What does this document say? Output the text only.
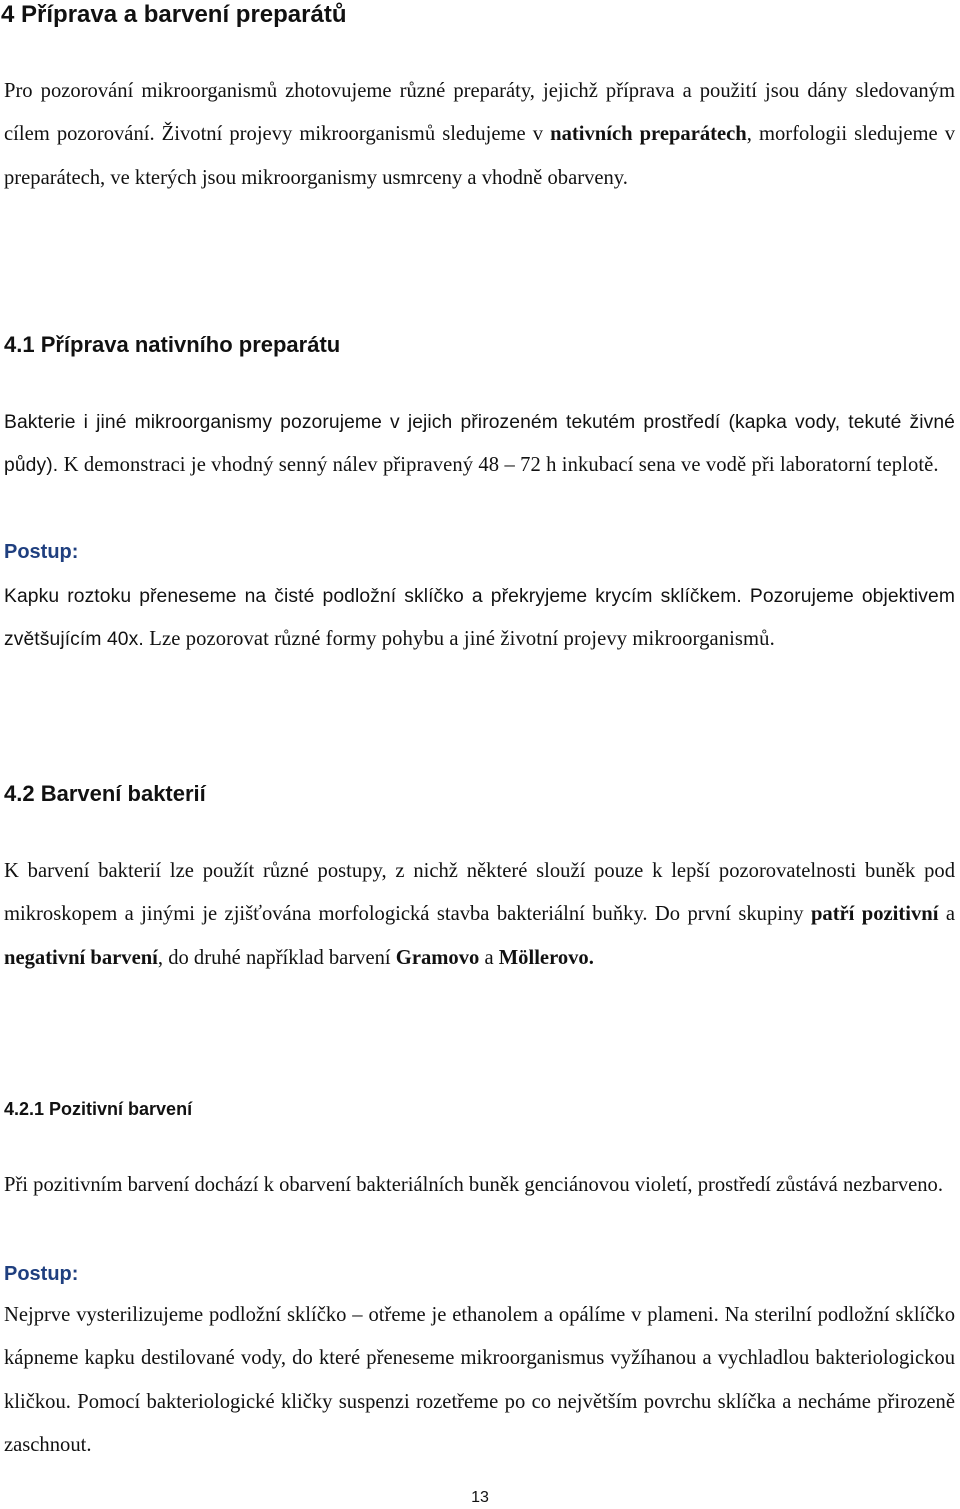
4 Příprava a barvení preparátů

Pro pozorování mikroorganismů zhotovujeme různé preparáty, jejichž příprava a použití jsou dány sledovaným cílem pozorování. Životní projevy mikroorganismů sledujeme v nativních preparátech, morfologii sledujeme v preparátech, ve kterých jsou mikroorganismy usmrceny a vhodně obarveny.

4.1 Příprava nativního preparátu

Bakterie i jiné mikroorganismy pozorujeme v jejich přirozeném tekutém prostředí (kapka vody, tekuté živné půdy). K demonstraci je vhodný senný nálev připravený 48 – 72 h inkubací sena ve vodě při laboratorní teplotě.

Postup:

Kapku roztoku přeneseme na čisté podložní sklíčko a překryjeme krycím sklíčkem. Pozorujeme objektivem zvětšujícím 40x. Lze pozorovat různé formy pohybu a jiné životní projevy mikroorganismů.

4.2 Barvení bakterií

K barvení bakterií lze použít různé postupy, z nichž některé slouží pouze k lepší pozorovatelnosti buněk pod mikroskopem a jinými je zjišťována morfologická stavba bakteriální buňky. Do první skupiny patří pozitivní a negativní barvení, do druhé například barvení Gramovo a Möllerovo.

4.2.1 Pozitivní barvení

Při pozitivním barvení dochází k obarvení bakteriálních buněk genciánovou violetí, prostředí zůstává nezbarveno.

Postup:

Nejprve vysterilizujeme podložní sklíčko – otřeme je ethanolem a opálíme v plameni. Na sterilní podložní sklíčko kápneme kapku destilované vody, do které přeneseme mikroorganismus vyžíhanou a vychladlou bakteriologickou kličkou. Pomocí bakteriologické kličky suspenzi rozetřeme po co největším povrchu sklíčka a necháme přirozeně zaschnout.

13
